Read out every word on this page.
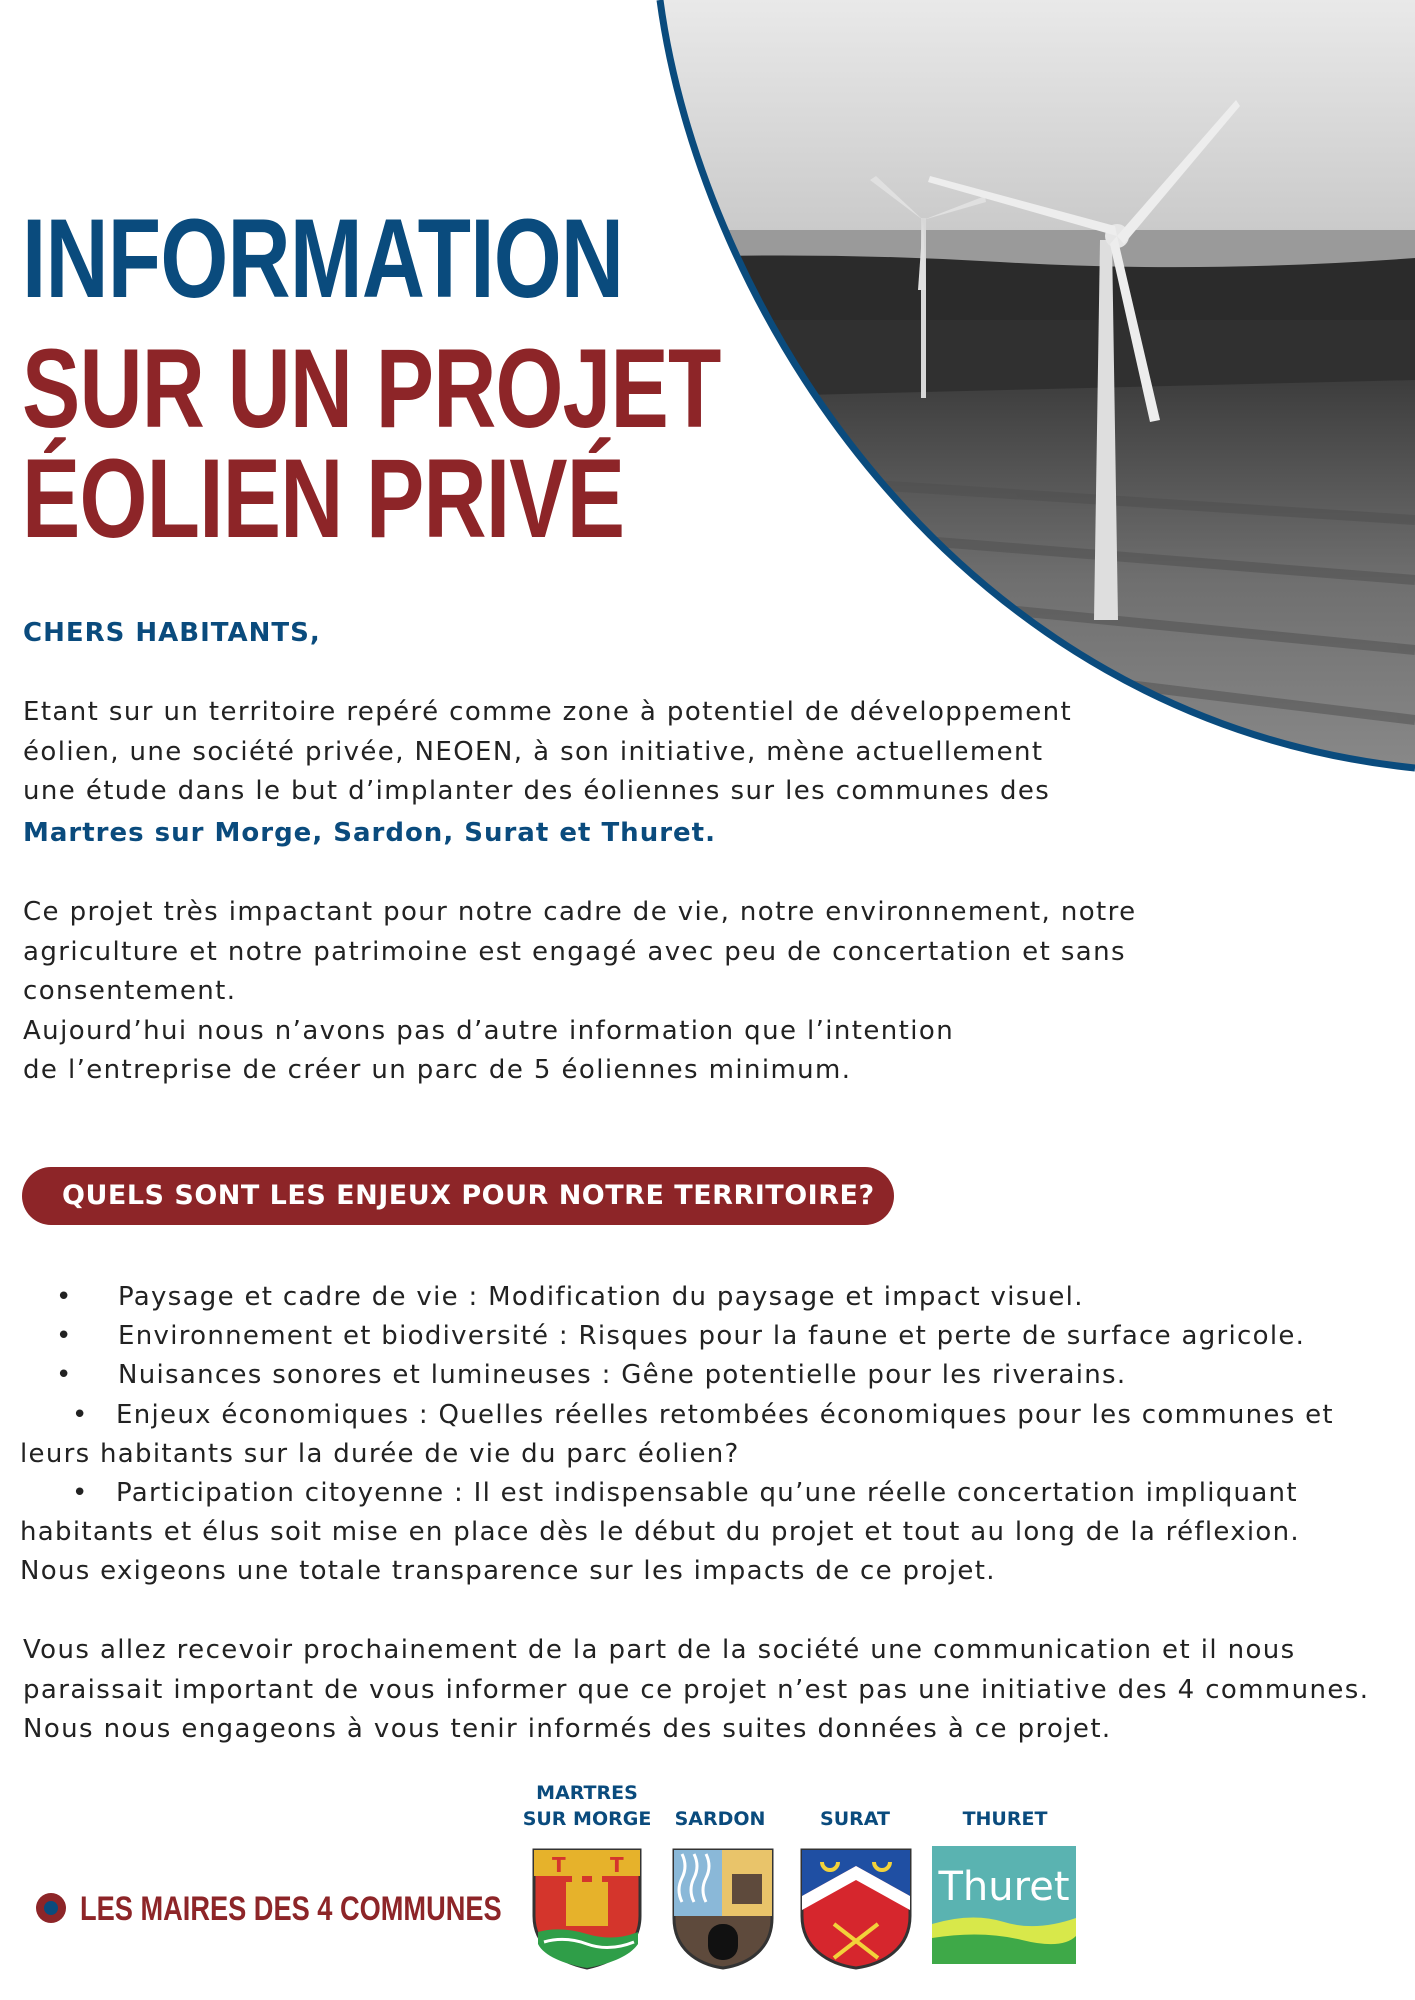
INFORMATION
SUR UN PROJET
ÉOLIEN PRIVÉ
CHERS HABITANTS,

Etant sur un territoire repéré comme zone à potentiel de développement éolien, une société privée, NEOEN, à son initiative, mène actuellement une étude dans le but d’implanter des éoliennes sur les communes des
Martres sur Morge, Sardon, Surat et Thuret.

Ce projet très impactant pour notre cadre de vie, notre environnement, notre agriculture et notre patrimoine est engagé avec peu de concertation et sans consentement.
Aujourd’hui nous n’avons pas d’autre information que l’intention
de l’entreprise de créer un parc de 5 éoliennes minimum.

QUELS SONT LES ENJEUX POUR NOTRE TERRITOIRE?
• Paysage et cadre de vie : Modification du paysage et impact visuel.
• Environnement et biodiversité : Risques pour la faune et perte de surface agricole.
• Nuisances sonores et lumineuses : Gêne potentielle pour les riverains.
• Enjeux économiques : Quelles réelles retombées économiques pour les communes et leurs habitants sur la durée de vie du parc éolien?
• Participation citoyenne : Il est indispensable qu’une réelle concertation impliquant habitants et élus soit mise en place dès le début du projet et tout au long de la réflexion.
Nous exigeons une totale transparence sur les impacts de ce projet.

Vous allez recevoir prochainement de la part de la société une communication et il nous paraissait important de vous informer que ce projet n’est pas une initiative des 4 communes. Nous nous engageons à vous tenir informés des suites données à ce projet.

LES MAIRES DES 4 COMMUNES
MARTRES
SUR MORGE	SARDON	SURAT	THURET
T T	Thuret
